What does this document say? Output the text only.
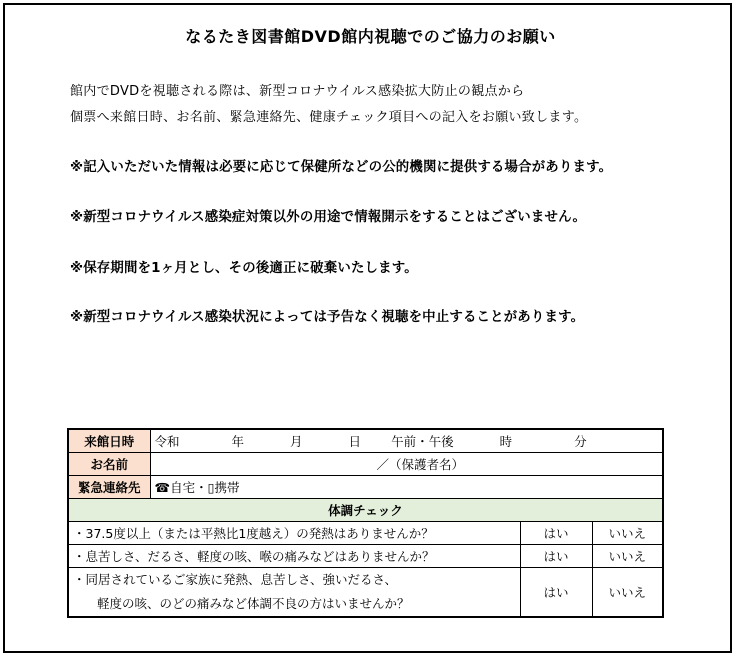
なるたき図書館DVD館内視聴でのご協力のお願い
館内でDVDを視聴される際は、新型コロナウイルス感染拡大防止の観点から
個票へ来館日時、お名前、緊急連絡先、健康チェック項目への記入をお願い致します。
※記入いただいた情報は必要に応じて保健所などの公的機関に提供する場合があります。
※新型コロナウイルス感染症対策以外の用途で情報開示をすることはございません。
※保存期間を1ヶ月とし、その後適正に破棄いたします。
※新型コロナウイルス感染状況によっては予告なく視聴を中止することがあります。
来館日時	令和 年 月 日 午前・午後 時 分		
お名前	／（保護者名）		
緊急連絡先	☎自宅・▯携帯		
体調チェック			
・37.5度以上（または平熱比1度越え）の発熱はありませんか？		はい	いいえ
・息苦しさ、だるさ、軽度の咳、喉の痛みなどはありませんか？		はい	いいえ

・同居されているご家族に発熱、息苦しさ、強いだるさ、
軽度の咳、のどの痛みなど体調不良の方はいませんか？		はい	いいえ
